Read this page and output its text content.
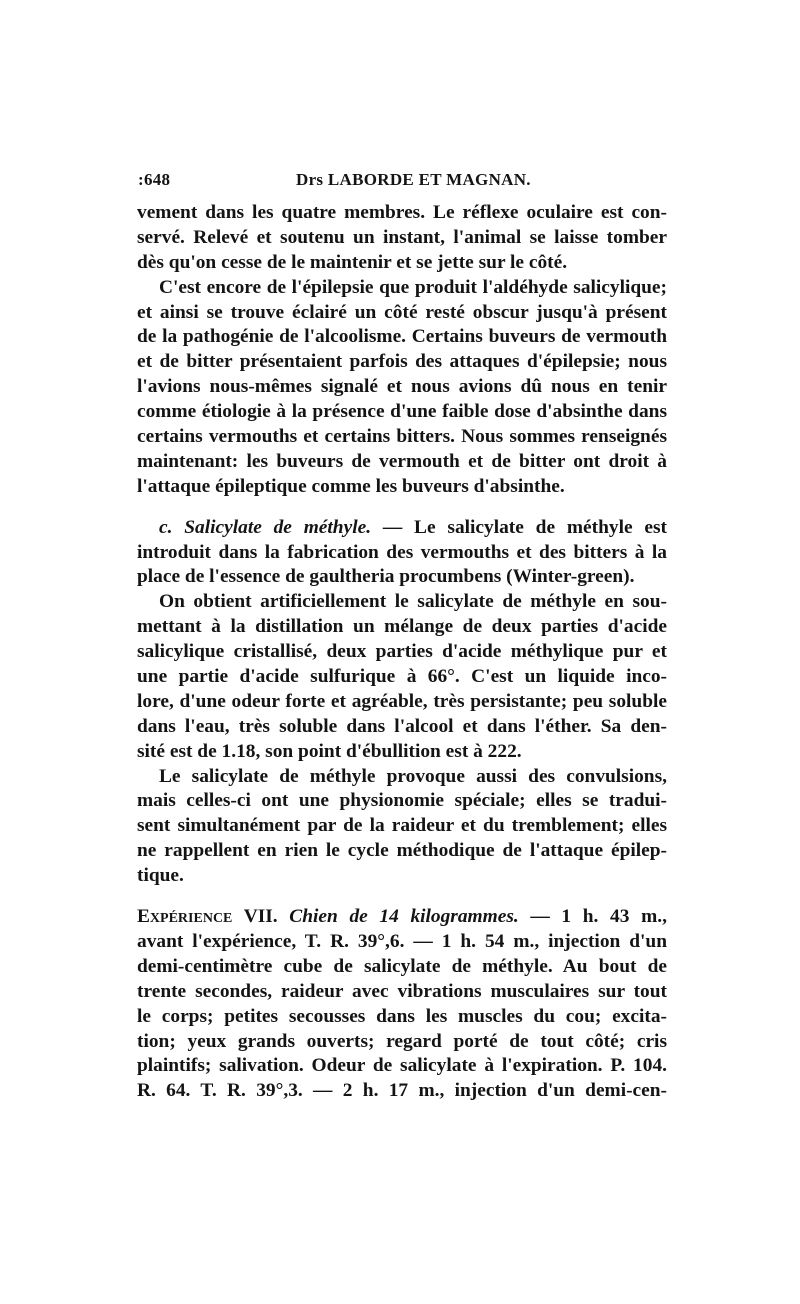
:648	Drs LABORDE ET MAGNAN.
vement dans les quatre membres. Le réflexe oculaire est con-
servé. Relevé et soutenu un instant, l'animal se laisse tomber
dès qu'on cesse de le maintenir et se jette sur le côté.
C'est encore de l'épilepsie que produit l'aldéhyde salicylique;
et ainsi se trouve éclairé un côté resté obscur jusqu'à présent
de la pathogénie de l'alcoolisme. Certains buveurs de vermouth
et de bitter présentaient parfois des attaques d'épilepsie; nous
l'avions nous-mêmes signalé et nous avions dû nous en tenir
comme étiologie à la présence d'une faible dose d'absinthe dans
certains vermouths et certains bitters. Nous sommes renseignés
maintenant: les buveurs de vermouth et de bitter ont droit à
l'attaque épileptique comme les buveurs d'absinthe.
c. Salicylate de méthyle. — Le salicylate de méthyle est
introduit dans la fabrication des vermouths et des bitters à la
place de l'essence de gaultheria procumbens (Winter-green).
On obtient artificiellement le salicylate de méthyle en sou-
mettant à la distillation un mélange de deux parties d'acide
salicylique cristallisé, deux parties d'acide méthylique pur et
une partie d'acide sulfurique à 66°. C'est un liquide inco-
lore, d'une odeur forte et agréable, très persistante; peu soluble
dans l'eau, très soluble dans l'alcool et dans l'éther. Sa den-
sité est de 1.18, son point d'ébullition est à 222.
Le salicylate de méthyle provoque aussi des convulsions,
mais celles-ci ont une physionomie spéciale; elles se tradui-
sent simultanément par de la raideur et du tremblement; elles
ne rappellent en rien le cycle méthodique de l'attaque épilep-
tique.
Expérience VII. Chien de 14 kilogrammes. — 1 h. 43 m.,
avant l'expérience, T. R. 39°,6. — 1 h. 54 m., injection d'un
demi-centimètre cube de salicylate de méthyle. Au bout de
trente secondes, raideur avec vibrations musculaires sur tout
le corps; petites secousses dans les muscles du cou; excita-
tion; yeux grands ouverts; regard porté de tout côté; cris
plaintifs; salivation. Odeur de salicylate à l'expiration. P. 104.
R. 64. T. R. 39°,3. — 2 h. 17 m., injection d'un demi-cen-
